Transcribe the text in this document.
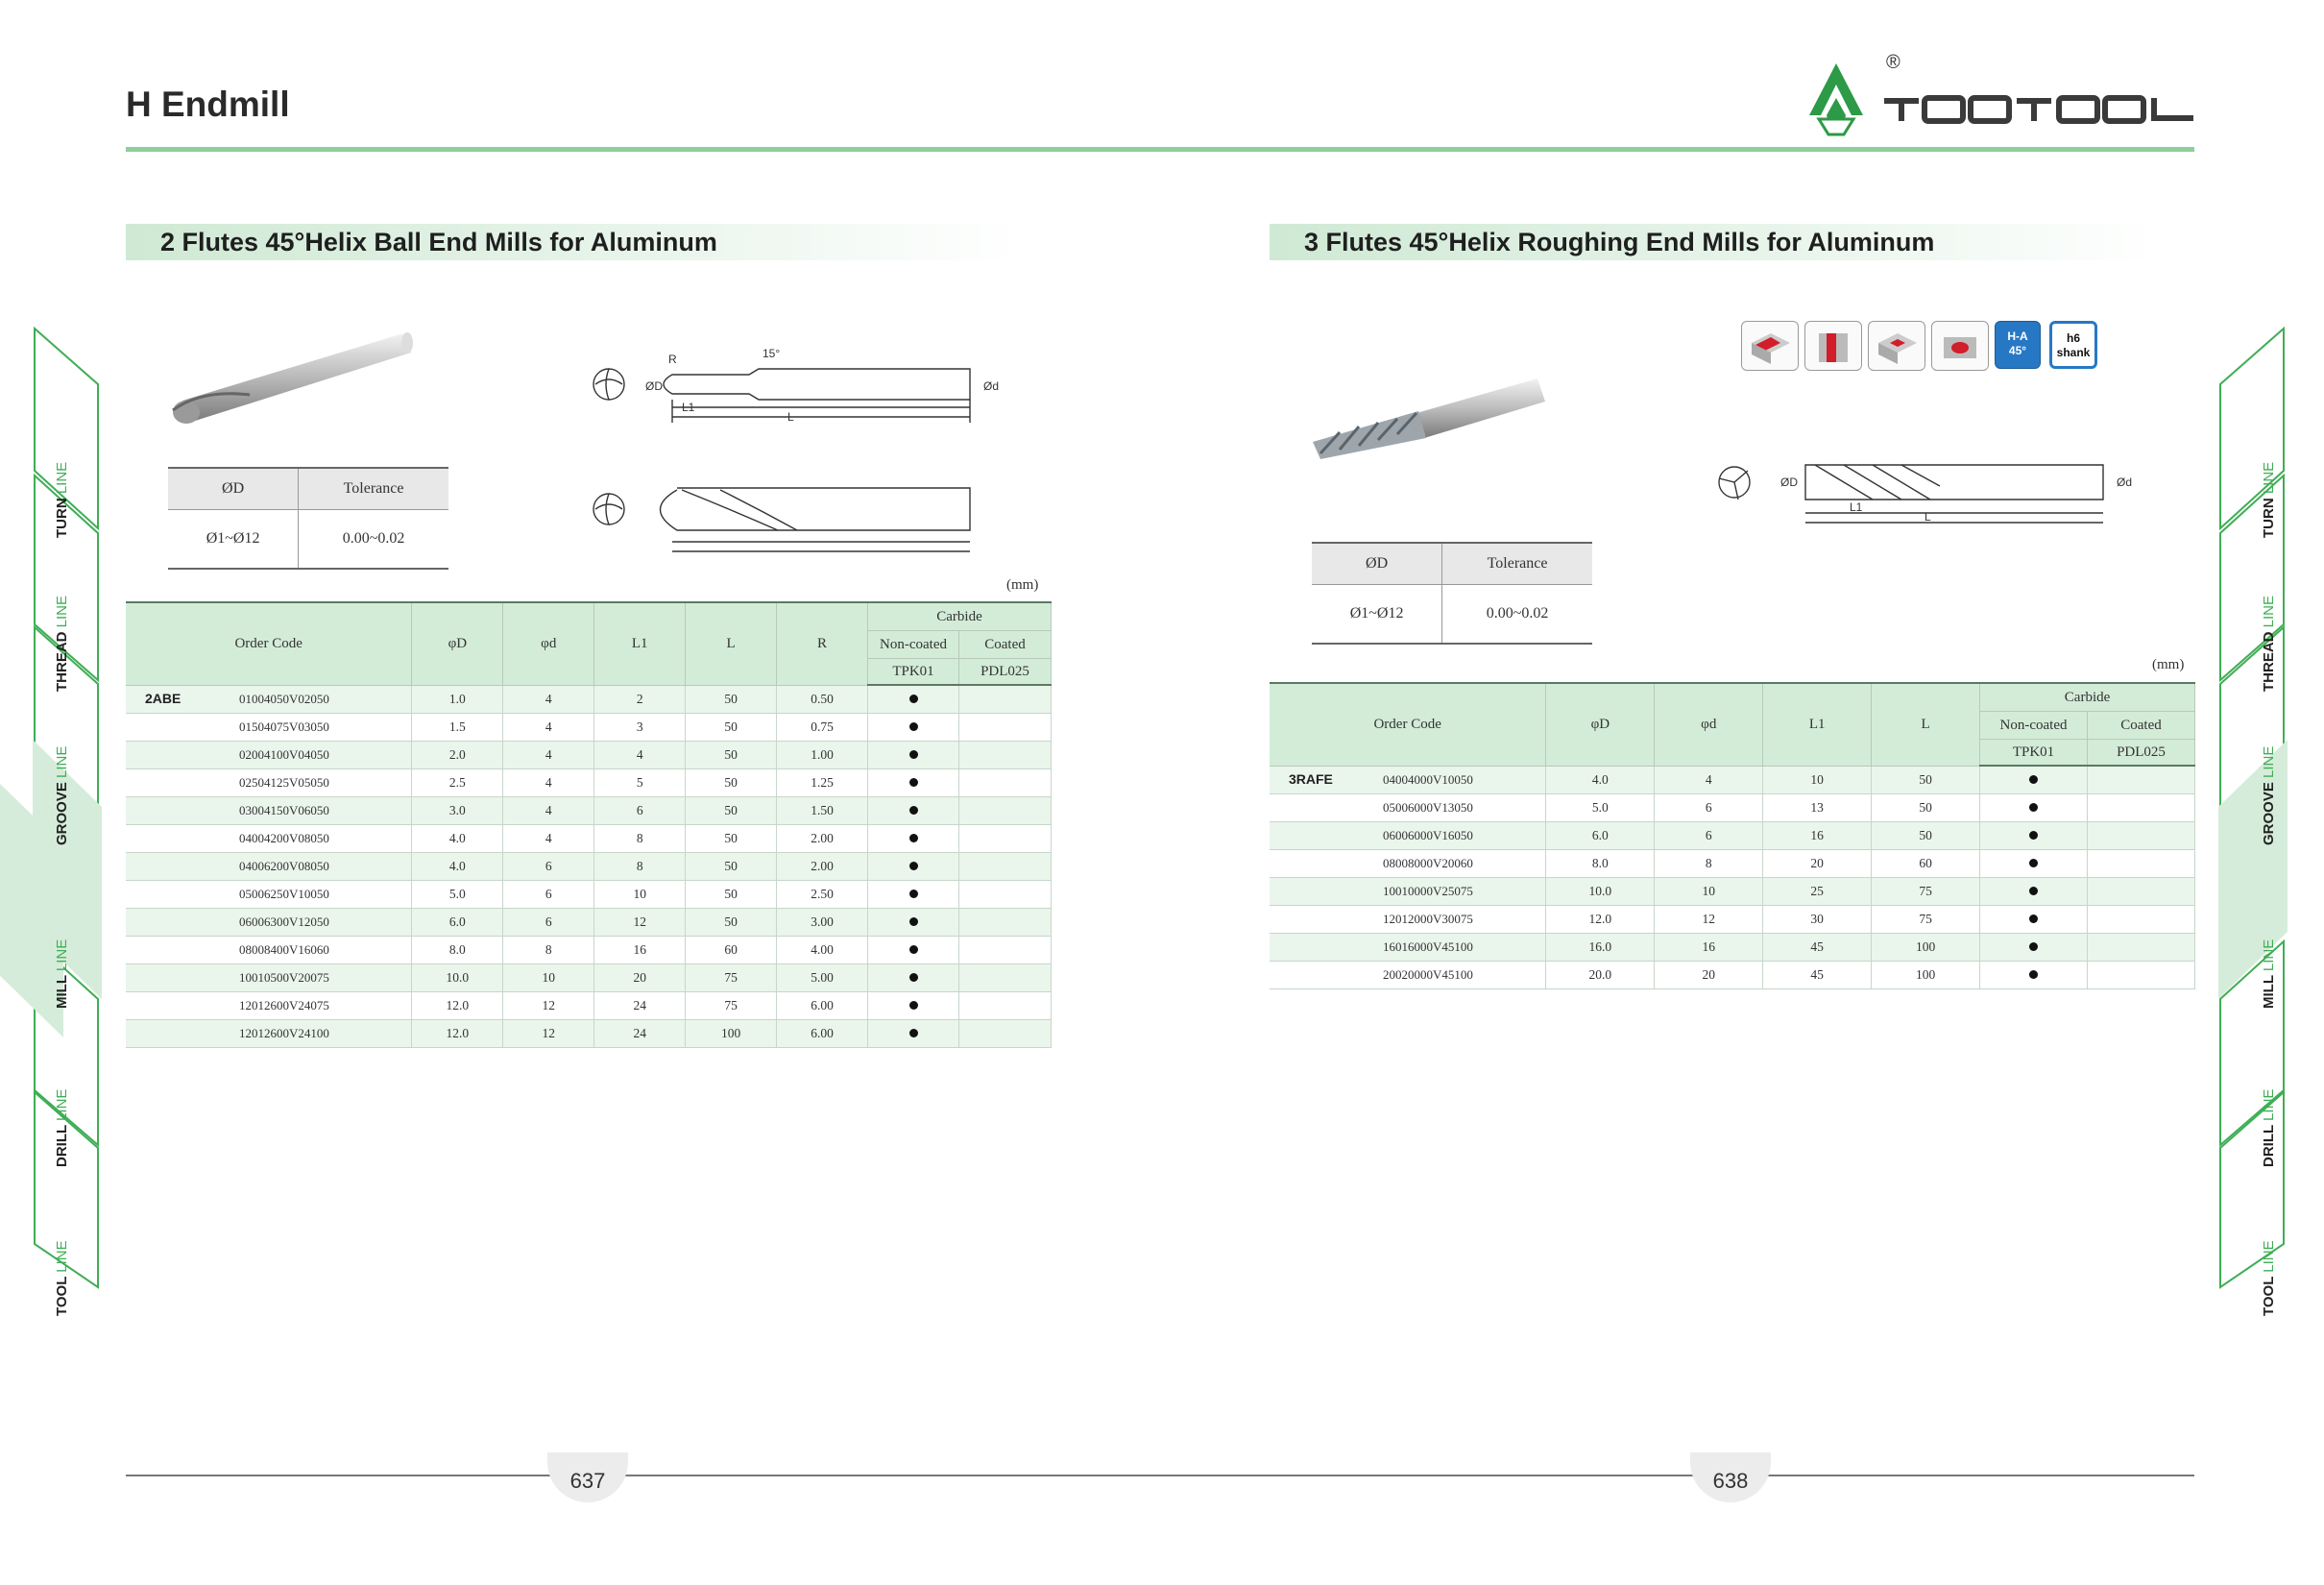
H Endmill
®
TURN LINE
THREAD LINE
GROOVE LINE
MILL LINE
DRILL LINE
TOOL LINE
TURN LINE
THREAD LINE
GROOVE LINE
MILL LINE
DRILL LINE
TOOL LINE
2 Flutes 45°Helix Ball End Mills for Aluminum	3 Flutes 45°Helix Roughing End Mills for Aluminum
R	15°
ØD	Ød
L1
L
ØD	Tolerance
Ø1~Ø12	0.00~0.02
(mm)
Order Code	φD	φd	L1	L	R	Carbide	
						Non-coated	Coated
						TPK01	PDL025
2ABE 01004050V02050	1.0	4	2	50	0.50		
01504075V03050	1.5	4	3	50	0.75		
02004100V04050	2.0	4	4	50	1.00		
02504125V05050	2.5	4	5	50	1.25		
03004150V06050	3.0	4	6	50	1.50		
04004200V08050	4.0	4	8	50	2.00		
04006200V08050	4.0	6	8	50	2.00		
05006250V10050	5.0	6	10	50	2.50		
06006300V12050	6.0	6	12	50	3.00		
08008400V16060	8.0	8	16	60	4.00		
10010500V20075	10.0	10	20	75	5.00		
12012600V24075	12.0	12	24	75	6.00		
12012600V24100	12.0	12	24	100	6.00		
H-A
45°
h6
shank
ØD	Ød
L1
L
ØD	Tolerance
Ø1~Ø12	0.00~0.02
(mm)
Order Code	φD	φd	L1	L	Carbide	
					Non-coated	Coated
					TPK01	PDL025
3RAFE 04004000V10050	4.0	4	10	50		
05006000V13050	5.0	6	13	50		
06006000V16050	6.0	6	16	50		
08008000V20060	8.0	8	20	60		
10010000V25075	10.0	10	25	75		
12012000V30075	12.0	12	30	75		
16016000V45100	16.0	16	45	100		
20020000V45100	20.0	20	45	100		
637	638
